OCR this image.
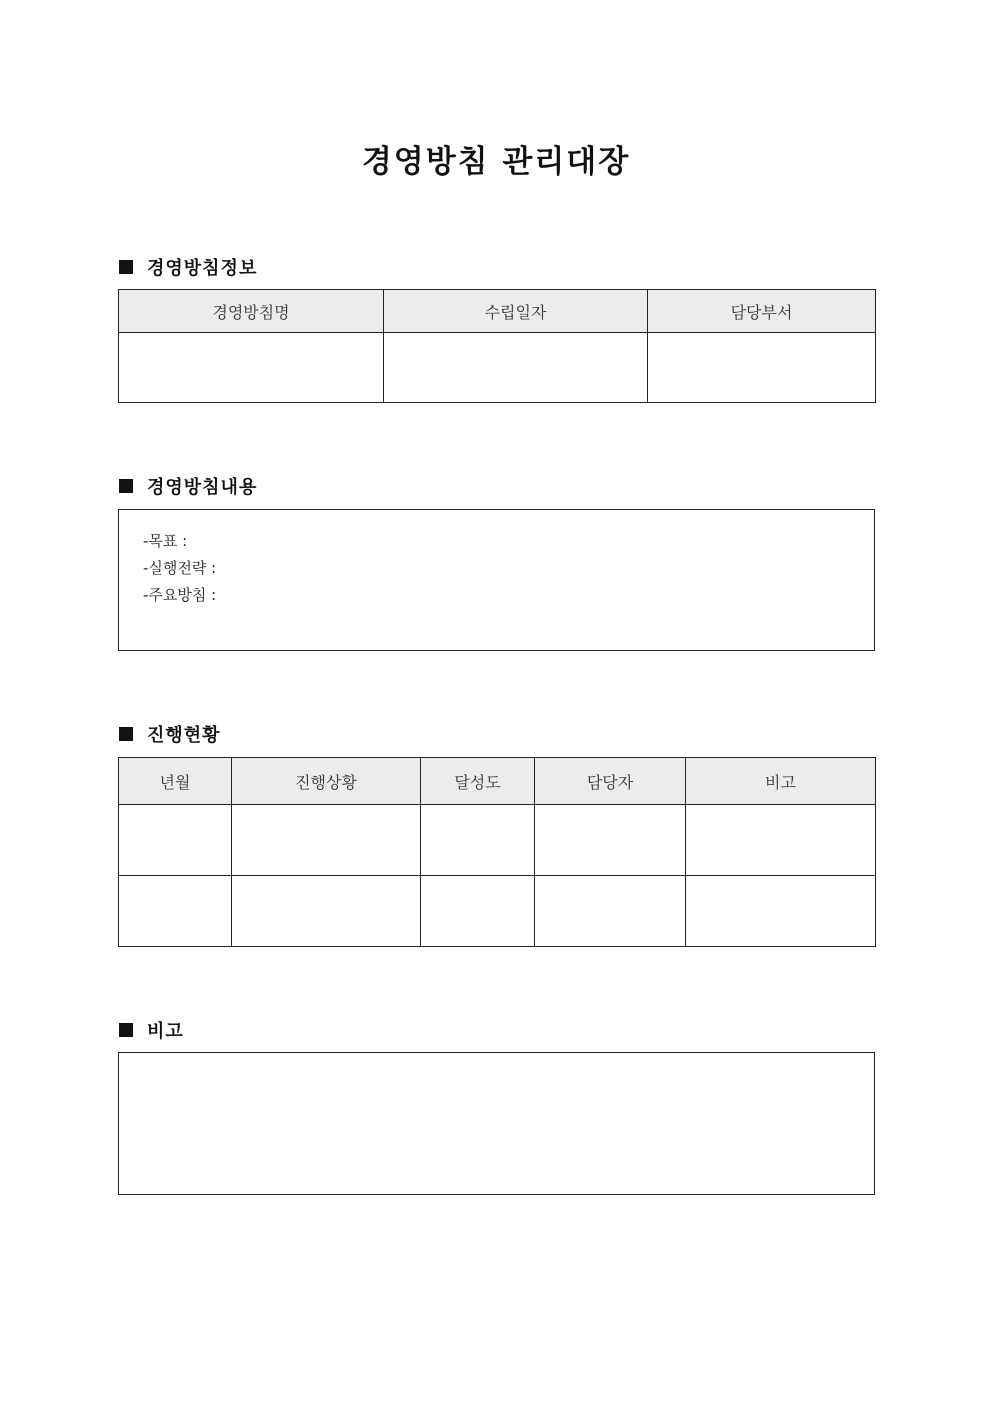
경영방침 관리대장
경영방침정보
경영방침명	수립일자	담당부서

경영방침내용
-목표 :
-실행전략 :
-주요방침 :
진행현황
년월	진행상황	달성도	담당자	비고

비고
